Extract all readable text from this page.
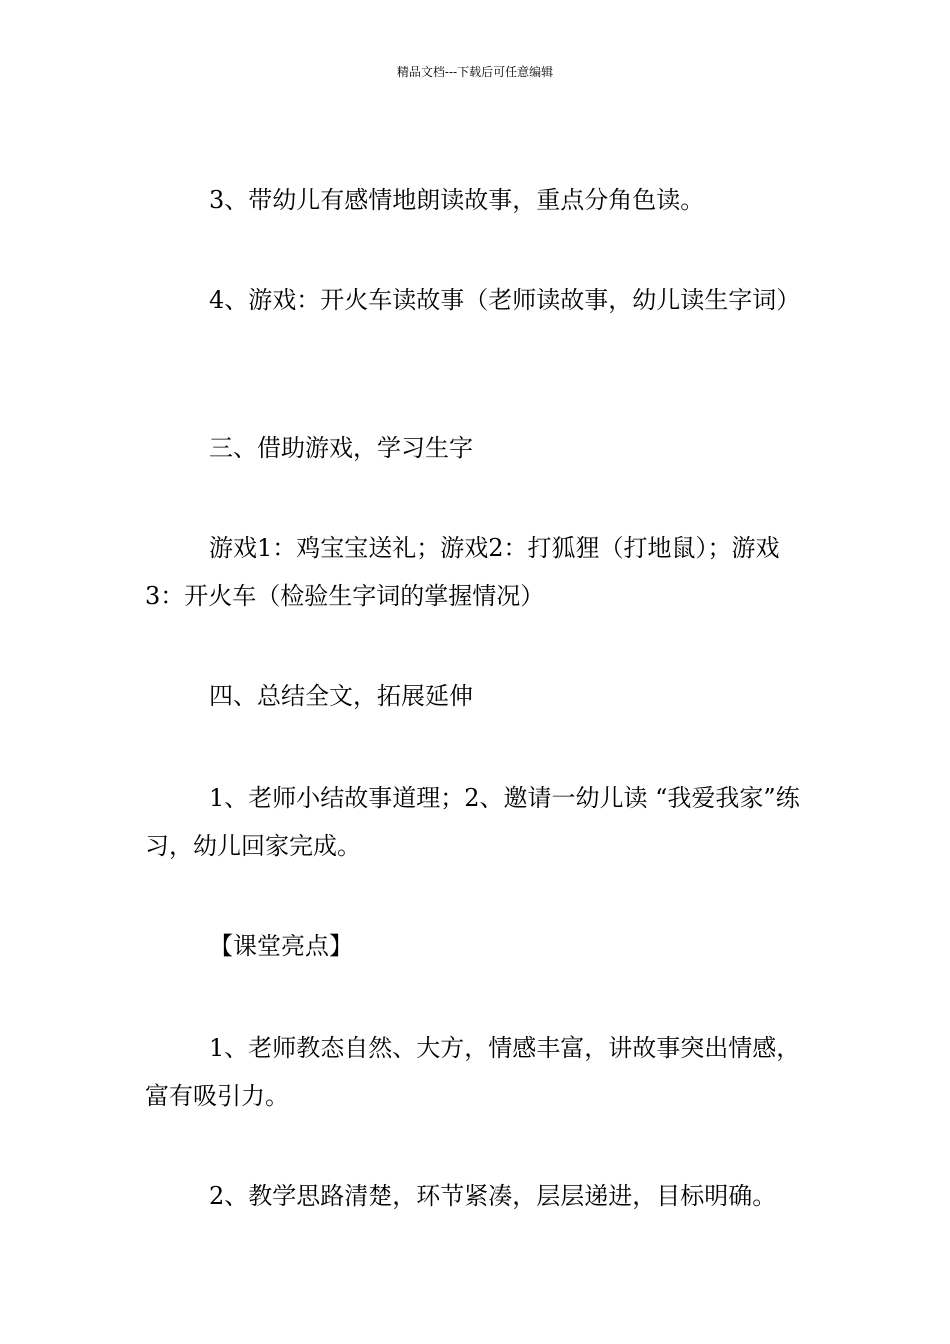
精品文档---下载后可任意编辑

3、带幼儿有感情地朗读故事，重点分角色读。

4、游戏：开火车读故事（老师读故事，幼儿读生字词）

三、借助游戏，学习生字

游戏1：鸡宝宝送礼；游戏2：打狐狸（打地鼠）；游戏3：开火车（检验生字词的掌握情况）

四、总结全文，拓展延伸

1、老师小结故事道理；2、邀请一幼儿读 “我爱我家”练习，幼儿回家完成。

【课堂亮点】

1、老师教态自然、大方，情感丰富，讲故事突出情感，富有吸引力。

2、教学思路清楚，环节紧凑，层层递进，目标明确。
